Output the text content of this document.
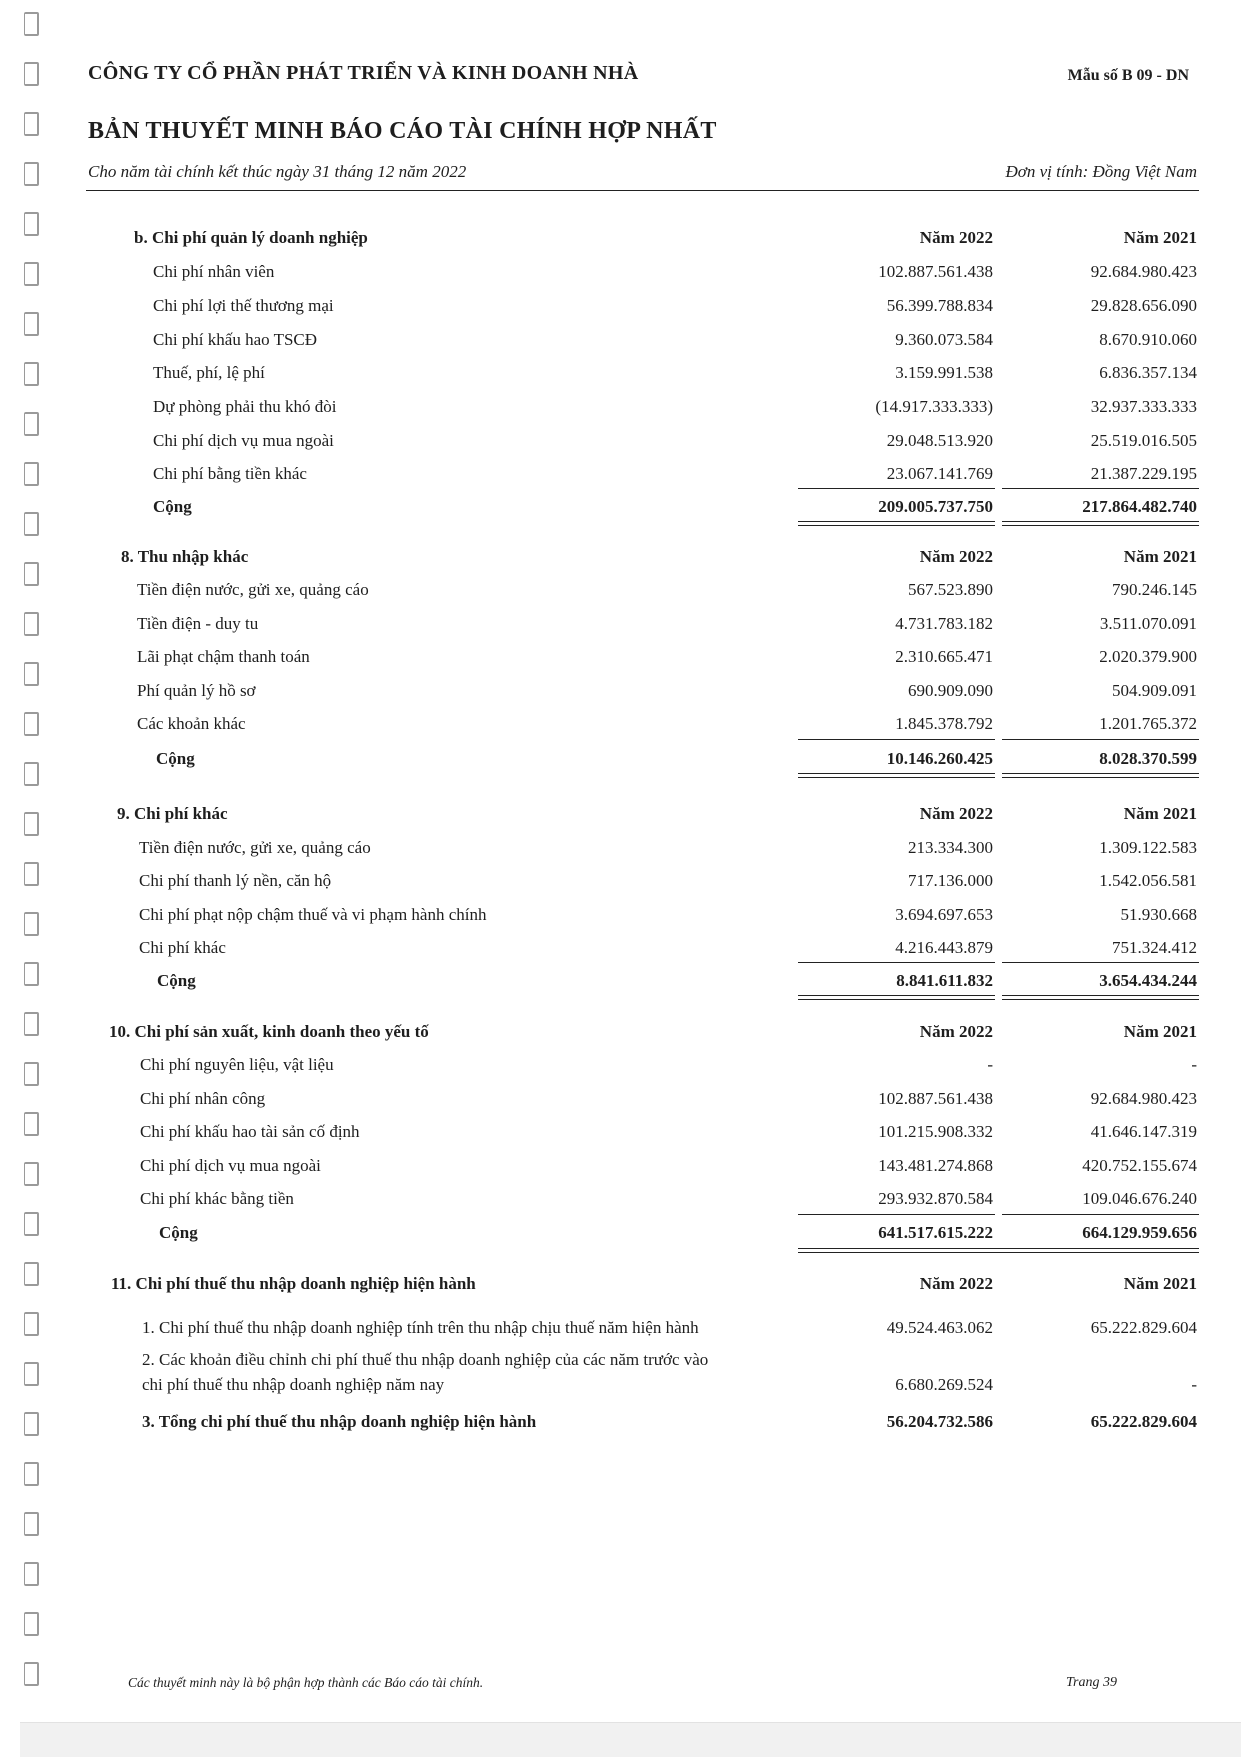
CÔNG TY CỔ PHẦN PHÁT TRIỂN VÀ KINH DOANH NHÀ	Mẫu số B 09 - DN
BẢN THUYẾT MINH BÁO CÁO TÀI CHÍNH HỢP NHẤT
Cho năm tài chính kết thúc ngày 31 tháng 12 năm 2022	Đơn vị tính: Đồng Việt Nam
b. Chi phí quản lý doanh nghiệp	Năm 2022	Năm 2021
Chi phí nhân viên	102.887.561.438	92.684.980.423
Chi phí lợi thế thương mại	56.399.788.834	29.828.656.090
Chi phí khấu hao TSCĐ	9.360.073.584	8.670.910.060
Thuế, phí, lệ phí	3.159.991.538	6.836.357.134
Dự phòng phải thu khó đòi	(14.917.333.333)	32.937.333.333
Chi phí dịch vụ mua ngoài	29.048.513.920	25.519.016.505
Chi phí bằng tiền khác	23.067.141.769	21.387.229.195
Cộng	209.005.737.750	217.864.482.740
8. Thu nhập khác	Năm 2022	Năm 2021
Tiền điện nước, gửi xe, quảng cáo	567.523.890	790.246.145
Tiền điện - duy tu	4.731.783.182	3.511.070.091
Lãi phạt chậm thanh toán	2.310.665.471	2.020.379.900
Phí quản lý hồ sơ	690.909.090	504.909.091
Các khoản khác	1.845.378.792	1.201.765.372
Cộng	10.146.260.425	8.028.370.599
9. Chi phí khác	Năm 2022	Năm 2021
Tiền điện nước, gửi xe, quảng cáo	213.334.300	1.309.122.583
Chi phí thanh lý nền, căn hộ	717.136.000	1.542.056.581
Chi phí phạt nộp chậm thuế và vi phạm hành chính	3.694.697.653	51.930.668
Chi phí khác	4.216.443.879	751.324.412
Cộng	8.841.611.832	3.654.434.244
10. Chi phí sản xuất, kinh doanh theo yếu tố	Năm 2022	Năm 2021
Chi phí nguyên liệu, vật liệu	-	-
Chi phí nhân công	102.887.561.438	92.684.980.423
Chi phí khấu hao tài sản cố định	101.215.908.332	41.646.147.319
Chi phí dịch vụ mua ngoài	143.481.274.868	420.752.155.674
Chi phí khác bằng tiền	293.932.870.584	109.046.676.240
Cộng	641.517.615.222	664.129.959.656
11. Chi phí thuế thu nhập doanh nghiệp hiện hành	Năm 2022	Năm 2021
1. Chi phí thuế thu nhập doanh nghiệp tính trên thu nhập chịu thuế năm hiện hành	49.524.463.062	65.222.829.604
2. Các khoản điều chỉnh chi phí thuế thu nhập doanh nghiệp của các năm trước vào
chi phí thuế thu nhập doanh nghiệp năm nay	6.680.269.524	-
3. Tổng chi phí thuế thu nhập doanh nghiệp hiện hành	56.204.732.586	65.222.829.604
Các thuyết minh này là bộ phận hợp thành các Báo cáo tài chính.	Trang 39
